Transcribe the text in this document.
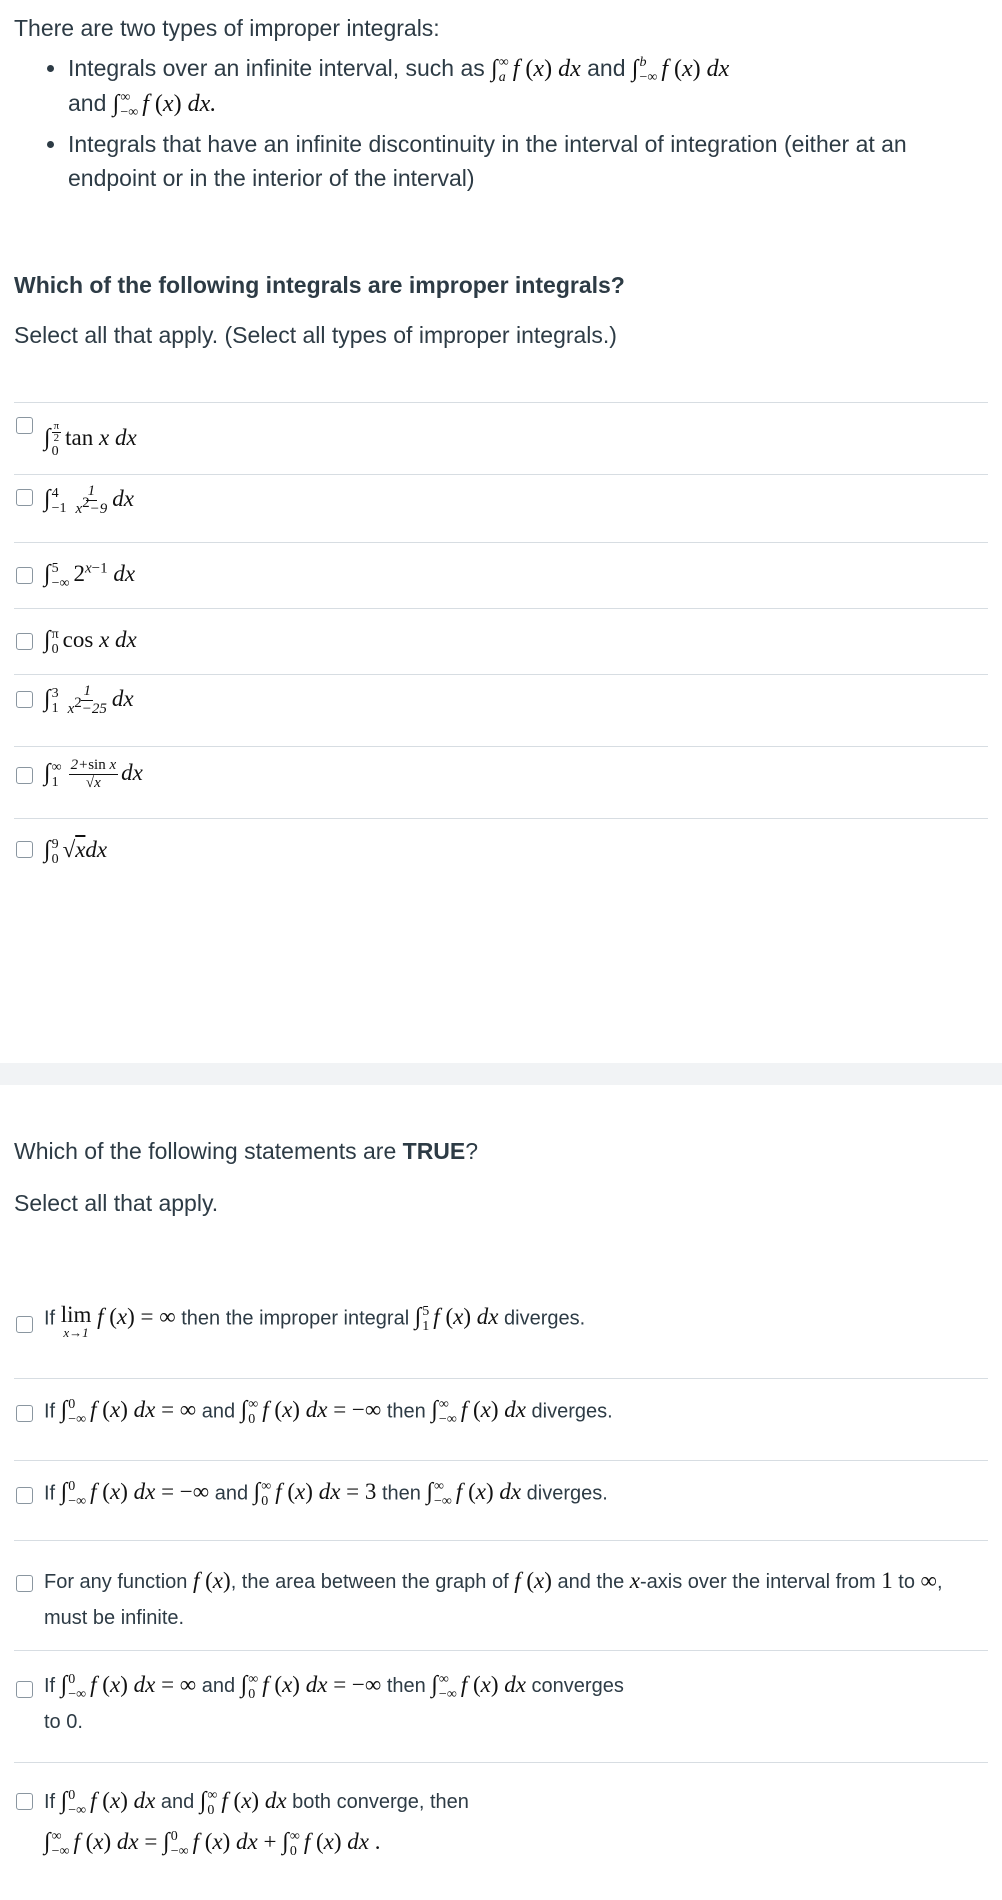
There are two types of improper integrals:
• Integrals over an infinite interval, such as ∫ ∞
a f (x) dx and ∫ b
−∞ f (x) dx
and ∫ ∞
−∞ f (x) dx.
• Integrals that have an infinite discontinuity in the interval of integration (either at an endpoint or in the interior of the interval)
Which of the following integrals are improper integrals?
Select all that apply. (Select all types of improper integrals.)
∫ $\frac{\pi}{2}$
0
tan x dx
∫ 4
$-1 \frac{1}{x^2-9}$ dx
∫ 5
−∞ $2^{x-1}$ dx
∫ π
0 cos x dx
∫ 3
$1 \frac{1}{x^2-25}$ dx
∫ ∞
$1 \frac{\text{2+sin x}}{√x}$ dx
∫ 9
0 √xdx
Which of the following statements are TRUE?
Select all that apply.
If lim
x→1
f (x) = ∞ then the improper integral ∫ 5
1 f (x) dx diverges.
If ∫ 0
−∞ f (x) dx = ∞ and ∫ ∞
0 f (x) dx = −∞ then ∫ ∞
−∞ f (x) dx diverges.
If ∫ 0
−∞ f (x) dx = −∞ and ∫ ∞
0 f (x) dx = 3 then ∫ ∞
−∞ f (x) dx diverges.
For any function f (x), the area between the graph of f (x) and the x-axis over the interval from 1 to ∞, must be infinite.
If ∫ 0
−∞ f (x) dx = ∞ and ∫ ∞
0 f (x) dx = −∞ then ∫ ∞
−∞ f (x) dx converges
to 0.
If ∫ 0
−∞ f (x) dx and ∫ ∞
0 f (x) dx both converge, then
∫ ∞
−∞ f (x) dx = ∫ 0
−∞ f (x) dx + ∫ ∞
0 f (x) dx .
